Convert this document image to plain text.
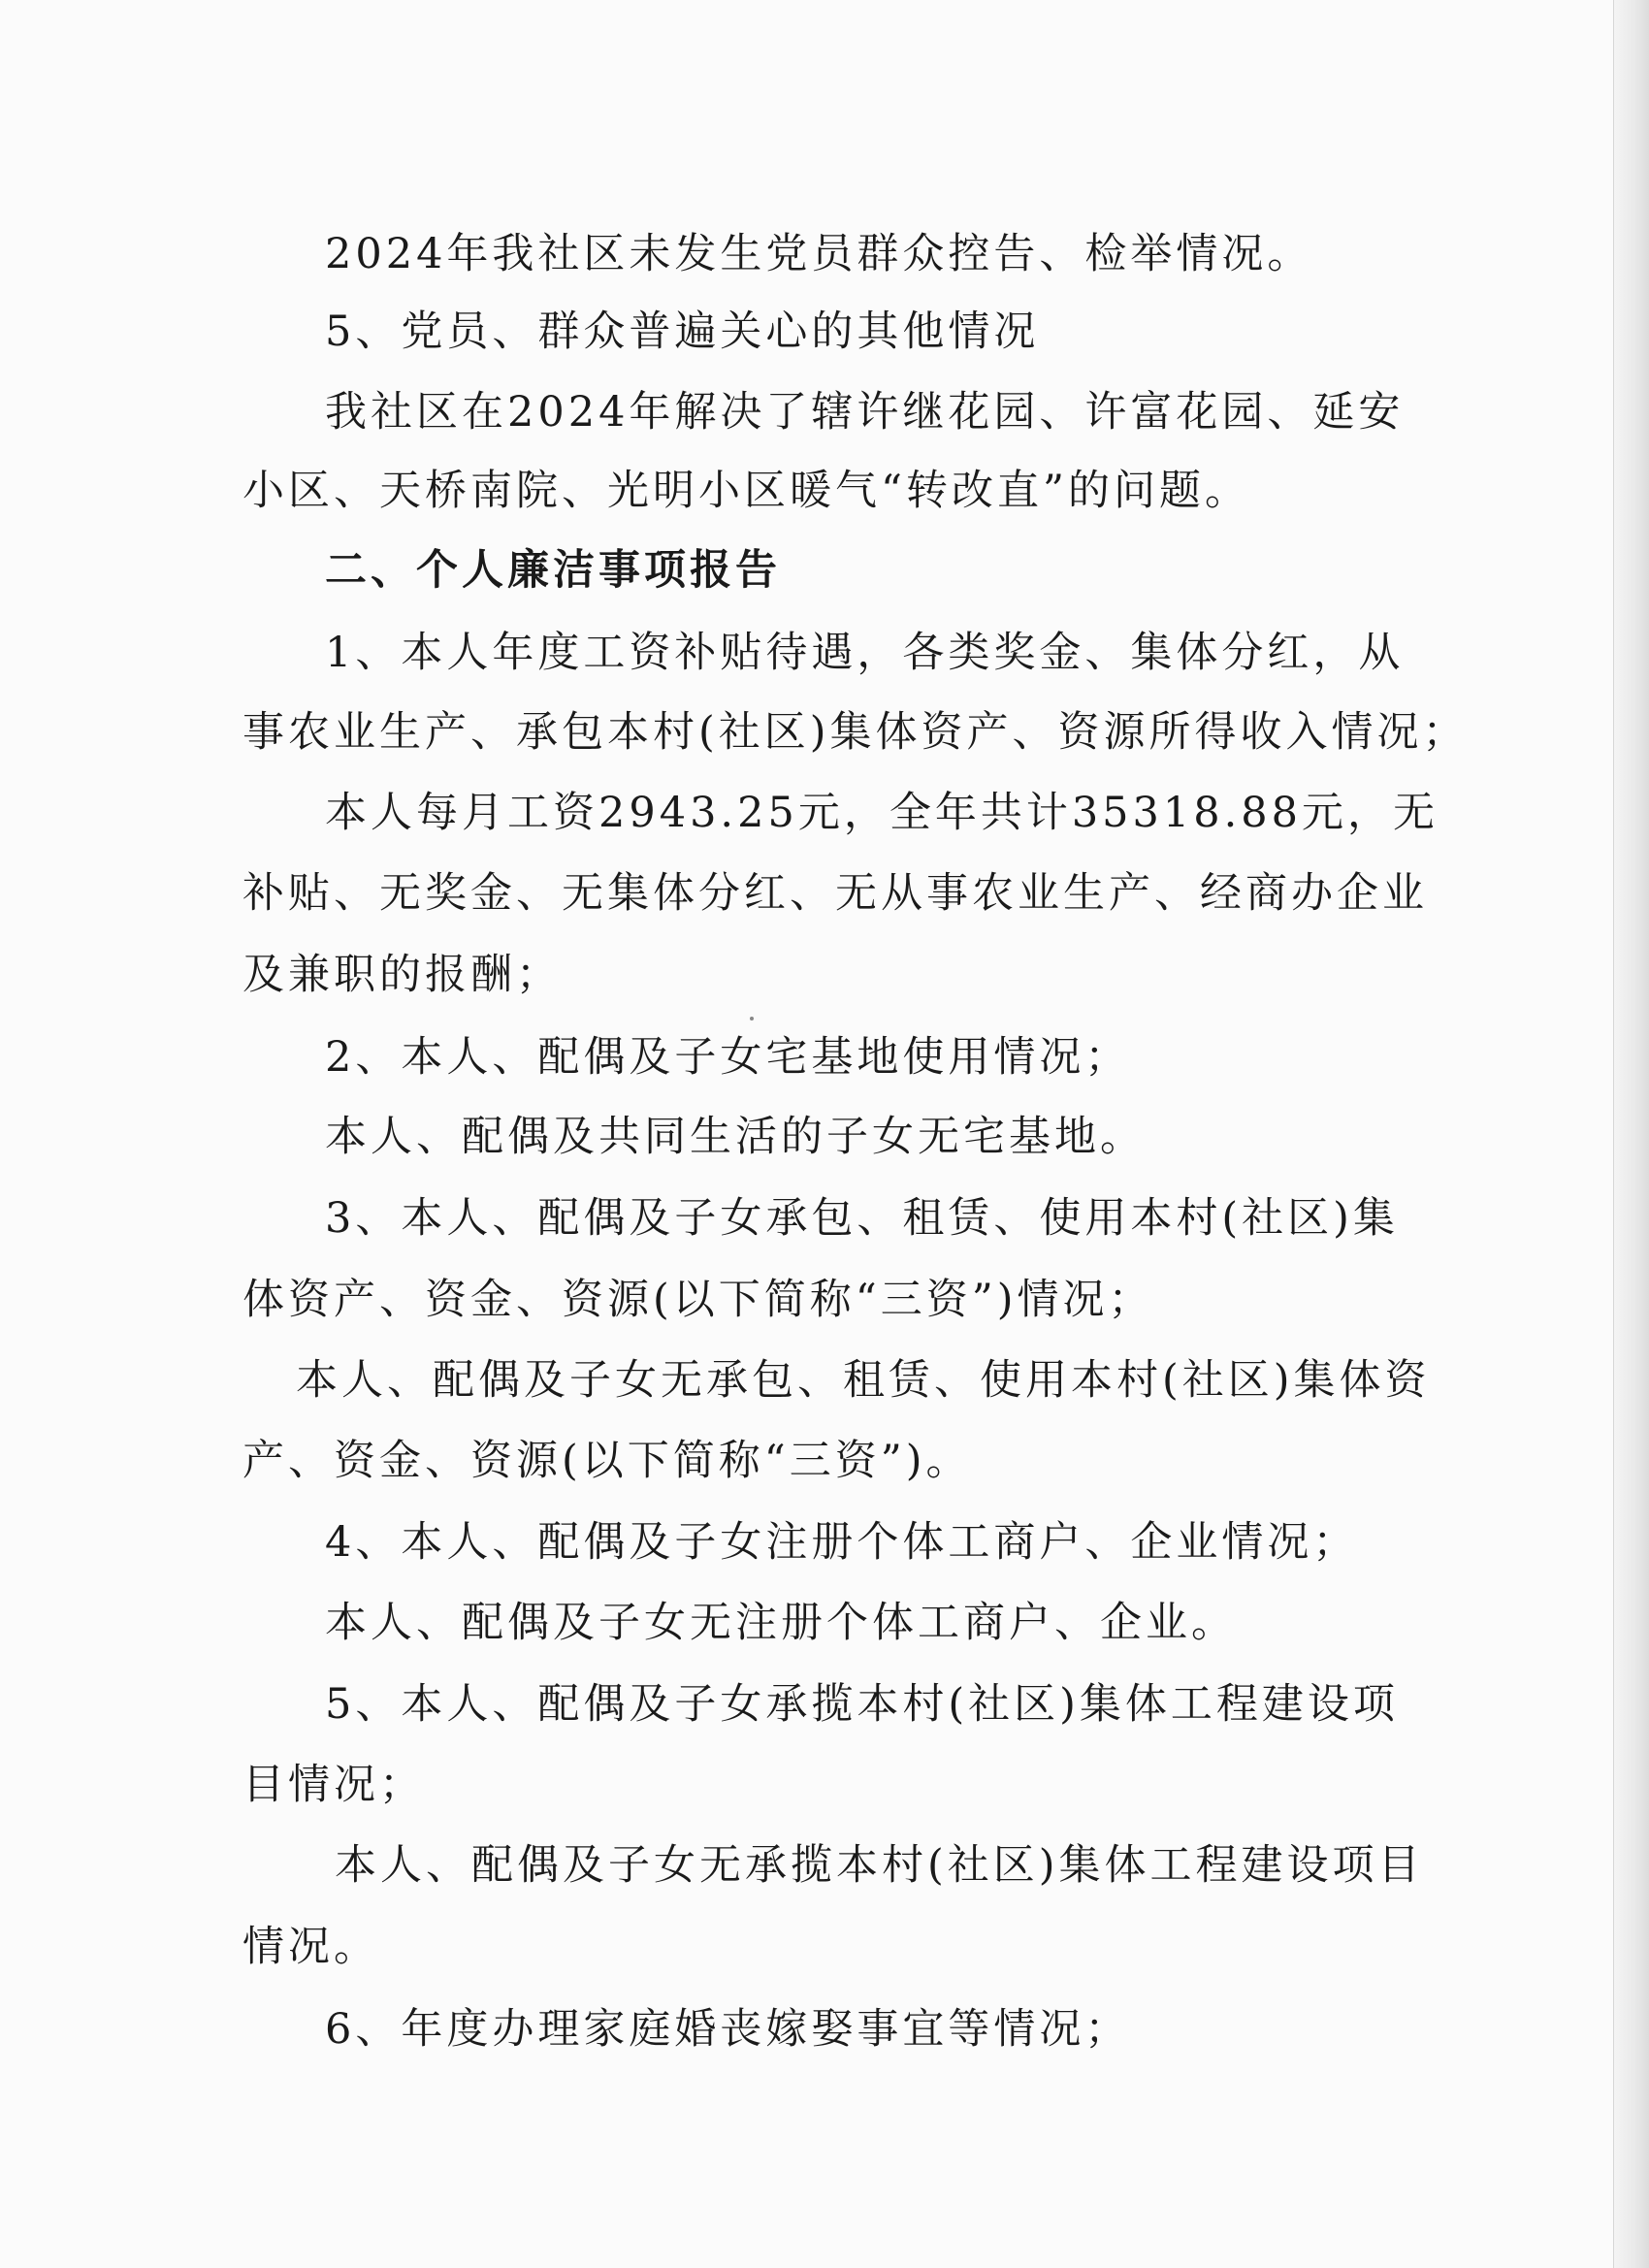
2024年我社区未发生党员群众控告、检举情况。
5、党员、群众普遍关心的其他情况
我社区在2024年解决了辖许继花园、许富花园、延安
小区、天桥南院、光明小区暖气“转改直”的问题。
二、个人廉洁事项报告
1、本人年度工资补贴待遇，各类奖金、集体分红，从
事农业生产、承包本村(社区)集体资产、资源所得收入情况；
本人每月工资2943.25元，全年共计35318.88元，无
补贴、无奖金、无集体分红、无从事农业生产、经商办企业
及兼职的报酬；
2、本人、配偶及子女宅基地使用情况；
本人、配偶及共同生活的子女无宅基地。
3、本人、配偶及子女承包、租赁、使用本村(社区)集
体资产、资金、资源(以下简称“三资”)情况；
本人、配偶及子女无承包、租赁、使用本村(社区)集体资
产、资金、资源(以下简称“三资”)。
4、本人、配偶及子女注册个体工商户、企业情况；
本人、配偶及子女无注册个体工商户、企业。
5、本人、配偶及子女承揽本村(社区)集体工程建设项
目情况；
本人、配偶及子女无承揽本村(社区)集体工程建设项目
情况。
6、年度办理家庭婚丧嫁娶事宜等情况；
